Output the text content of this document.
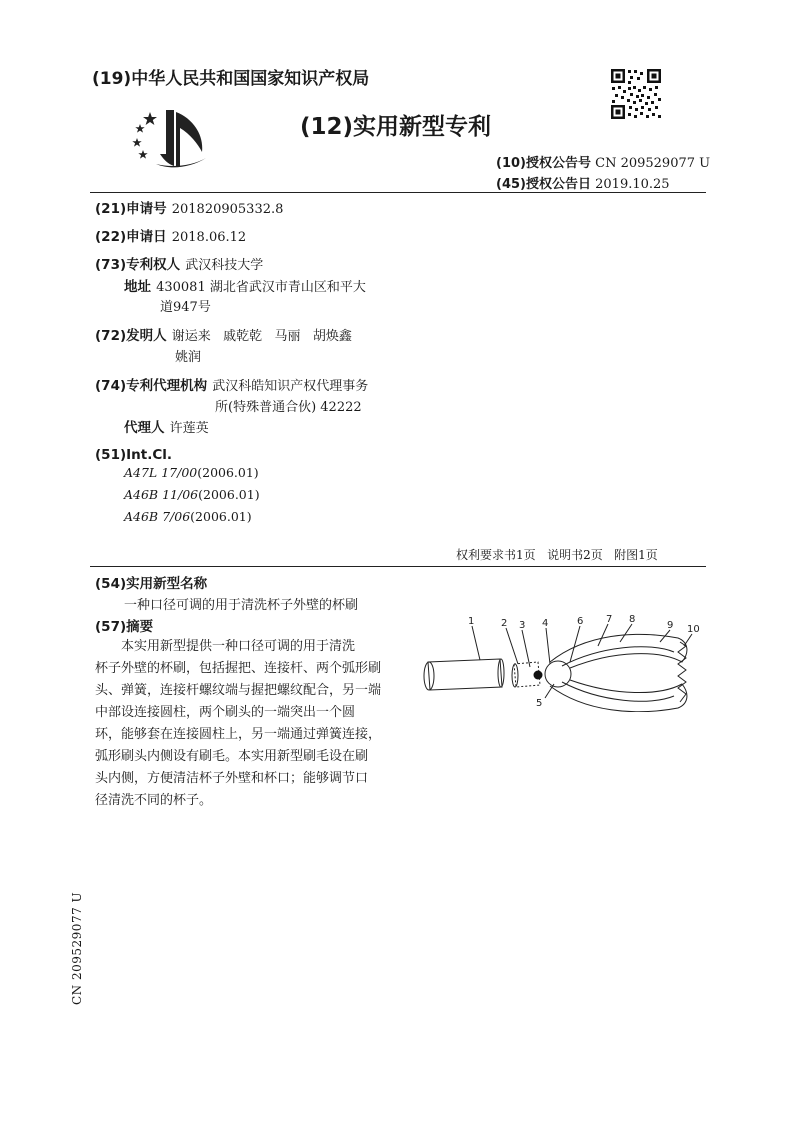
(19)中华人民共和国国家知识产权局
(12)实用新型专利
(10)授权公告号 CN 209529077 U
(45)授权公告日 2019.10.25
(21)申请号 201820905332.8
(22)申请日 2018.06.12
(73)专利权人 武汉科技大学
地址 430081 湖北省武汉市青山区和平大
道947号
(72)发明人 谢运来   戚乾乾   马丽   胡焕鑫
姚润
(74)专利代理机构 武汉科皓知识产权代理事务
所(特殊普通合伙) 42222
代理人 许莲英
(51)Int.Cl.
A47L 17/00(2006.01)
A46B 11/06(2006.01)
A46B 7/06(2006.01)
权利要求书1页   说明书2页   附图1页
(54)实用新型名称
一种口径可调的用于清洗杯子外壁的杯刷
(57)摘要

本实用新型提供一种口径可调的用于清洗

杯子外壁的杯刷，包括握把、连接杆、两个弧形刷

头、弹簧，连接杆螺纹端与握把螺纹配合，另一端

中部设连接圆柱，两个刷头的一端突出一个圆

环，能够套在连接圆柱上，另一端通过弹簧连接，

弧形刷头内侧设有刷毛。本实用新型刷毛设在刷

头内侧，方便清洁杯子外壁和杯口；能够调节口

径清洗不同的杯子。

1	2 3 4	6 7 8
9 10
5
CN 209529077 U
